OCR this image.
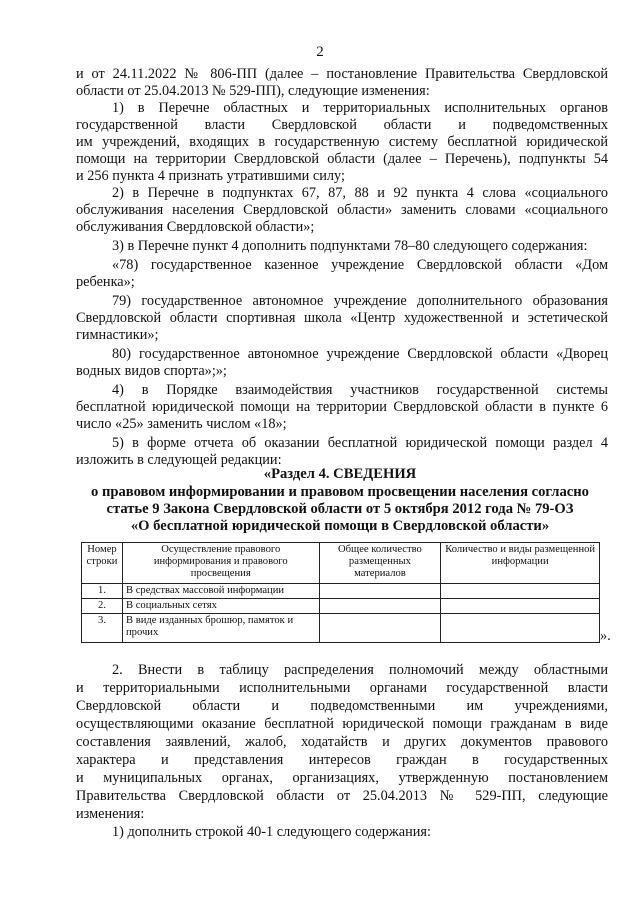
2
и от 24.11.2022 № 806-ПП (далее – постановление Правительства Свердловской
области от 25.04.2013 № 529-ПП), следующие изменения:
1) в Перечне областных и территориальных исполнительных органов
государственной власти Свердловской области и подведомственных
им учреждений, входящих в государственную систему бесплатной юридической
помощи на территории Свердловской области (далее – Перечень), подпункты 54
и 256 пункта 4 признать утратившими силу;
2) в Перечне в подпунктах 67, 87, 88 и 92 пункта 4 слова «социального
обслуживания населения Свердловской области» заменить словами «социального
обслуживания Свердловской области»;
3) в Перечне пункт 4 дополнить подпунктами 78–80 следующего содержания:
«78) государственное казенное учреждение Свердловской области «Дом
ребенка»;
79) государственное автономное учреждение дополнительного образования
Свердловской области спортивная школа «Центр художественной и эстетической
гимнастики»;
80) государственное автономное учреждение Свердловской области «Дворец
водных видов спорта»;»;
4) в Порядке взаимодействия участников государственной системы
бесплатной юридической помощи на территории Свердловской области в пункте 6
число «25» заменить числом «18»;
5) в форме отчета об оказании бесплатной юридической помощи раздел 4
изложить в следующей редакции:
«Раздел 4. СВЕДЕНИЯ
о правовом информировании и правовом просвещении населения согласно
статье 9 Закона Свердловской области от 5 октября 2012 года № 79-ОЗ
«О бесплатной юридической помощи в Свердловской области»
Номер строки	Осуществление правового информирования и правового просвещения	Общее количество размещенных материалов	Количество и виды размещенной информации
1.	В средствах массовой информации		
2.	В социальных сетях		
3.	В виде изданных брошюр, памяток и прочих			».
2. Внести в таблицу распределения полномочий между областными
и территориальными исполнительными органами государственной власти
Свердловской области и подведомственными им учреждениями,
осуществляющими оказание бесплатной юридической помощи гражданам в виде
составления заявлений, жалоб, ходатайств и других документов правового
характера и представления интересов граждан в государственных
и муниципальных органах, организациях, утвержденную постановлением
Правительства Свердловской области от 25.04.2013 № 529-ПП, следующие
изменения:
1) дополнить строкой 40-1 следующего содержания:
